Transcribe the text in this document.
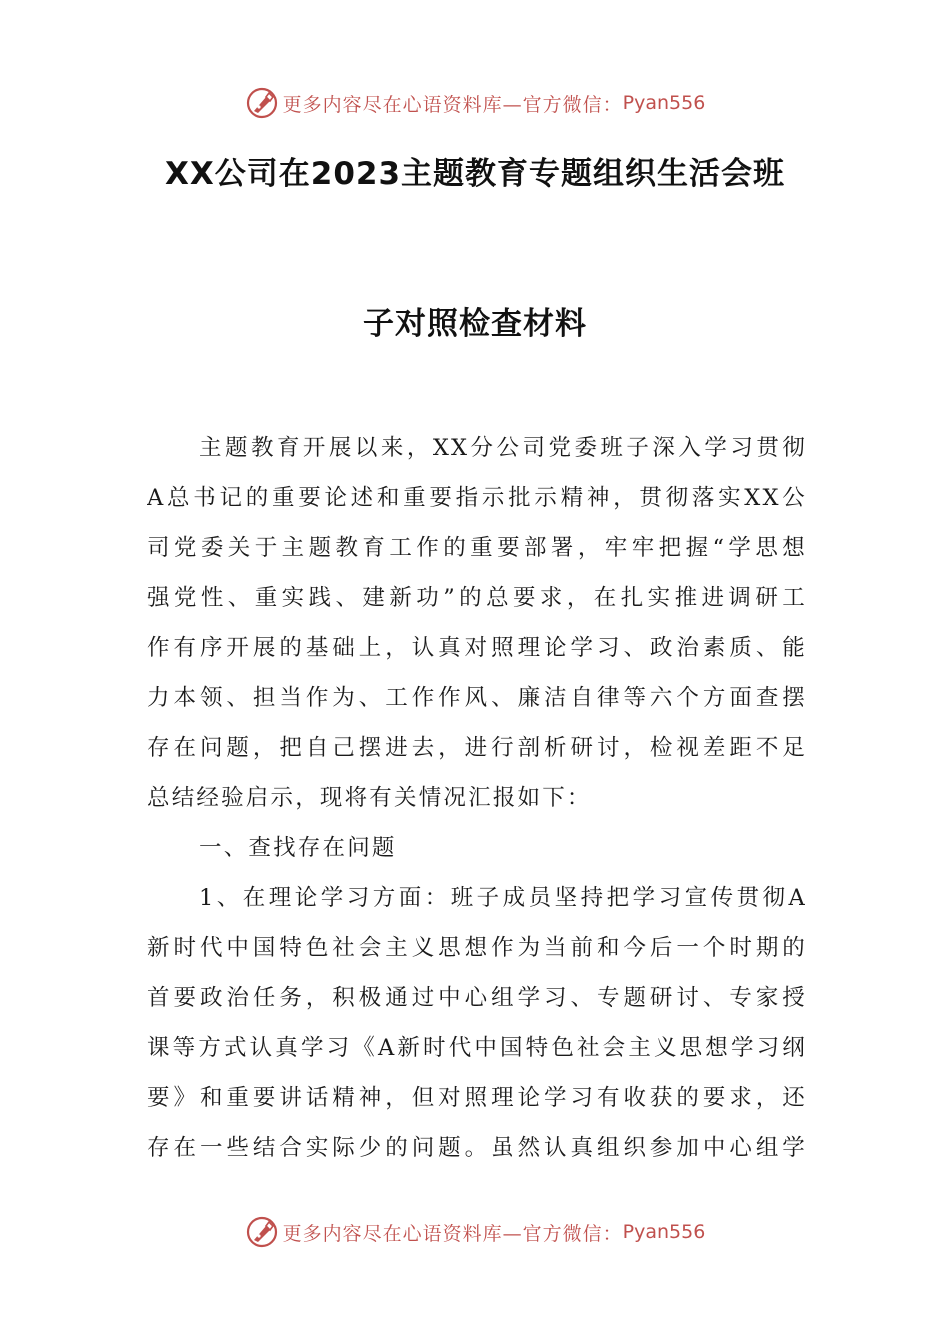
更多内容尽在心语资料库—官方微信： Pyan556
XX公司在2023主题教育专题组织生活会班
子对照检查材料
主题教育开展以来，XX分公司党委班子深入学习贯彻
A总书记的重要论述和重要指示批示精神，贯彻落实XX公
司党委关于主题教育工作的重要部署，牢牢把握“学思想
强党性、重实践、建新功”的总要求，在扎实推进调研工
作有序开展的基础上，认真对照理论学习、政治素质、能
力本领、担当作为、工作作风、廉洁自律等六个方面查摆
存在问题，把自己摆进去，进行剖析研讨，检视差距不足
总结经验启示，现将有关情况汇报如下：
一、查找存在问题
1、在理论学习方面：班子成员坚持把学习宣传贯彻A
新时代中国特色社会主义思想作为当前和今后一个时期的
首要政治任务，积极通过中心组学习、专题研讨、专家授
课等方式认真学习《A新时代中国特色社会主义思想学习纲
要》和重要讲话精神，但对照理论学习有收获的要求，还
存在一些结合实际少的问题。虽然认真组织参加中心组学
更多内容尽在心语资料库—官方微信： Pyan556
